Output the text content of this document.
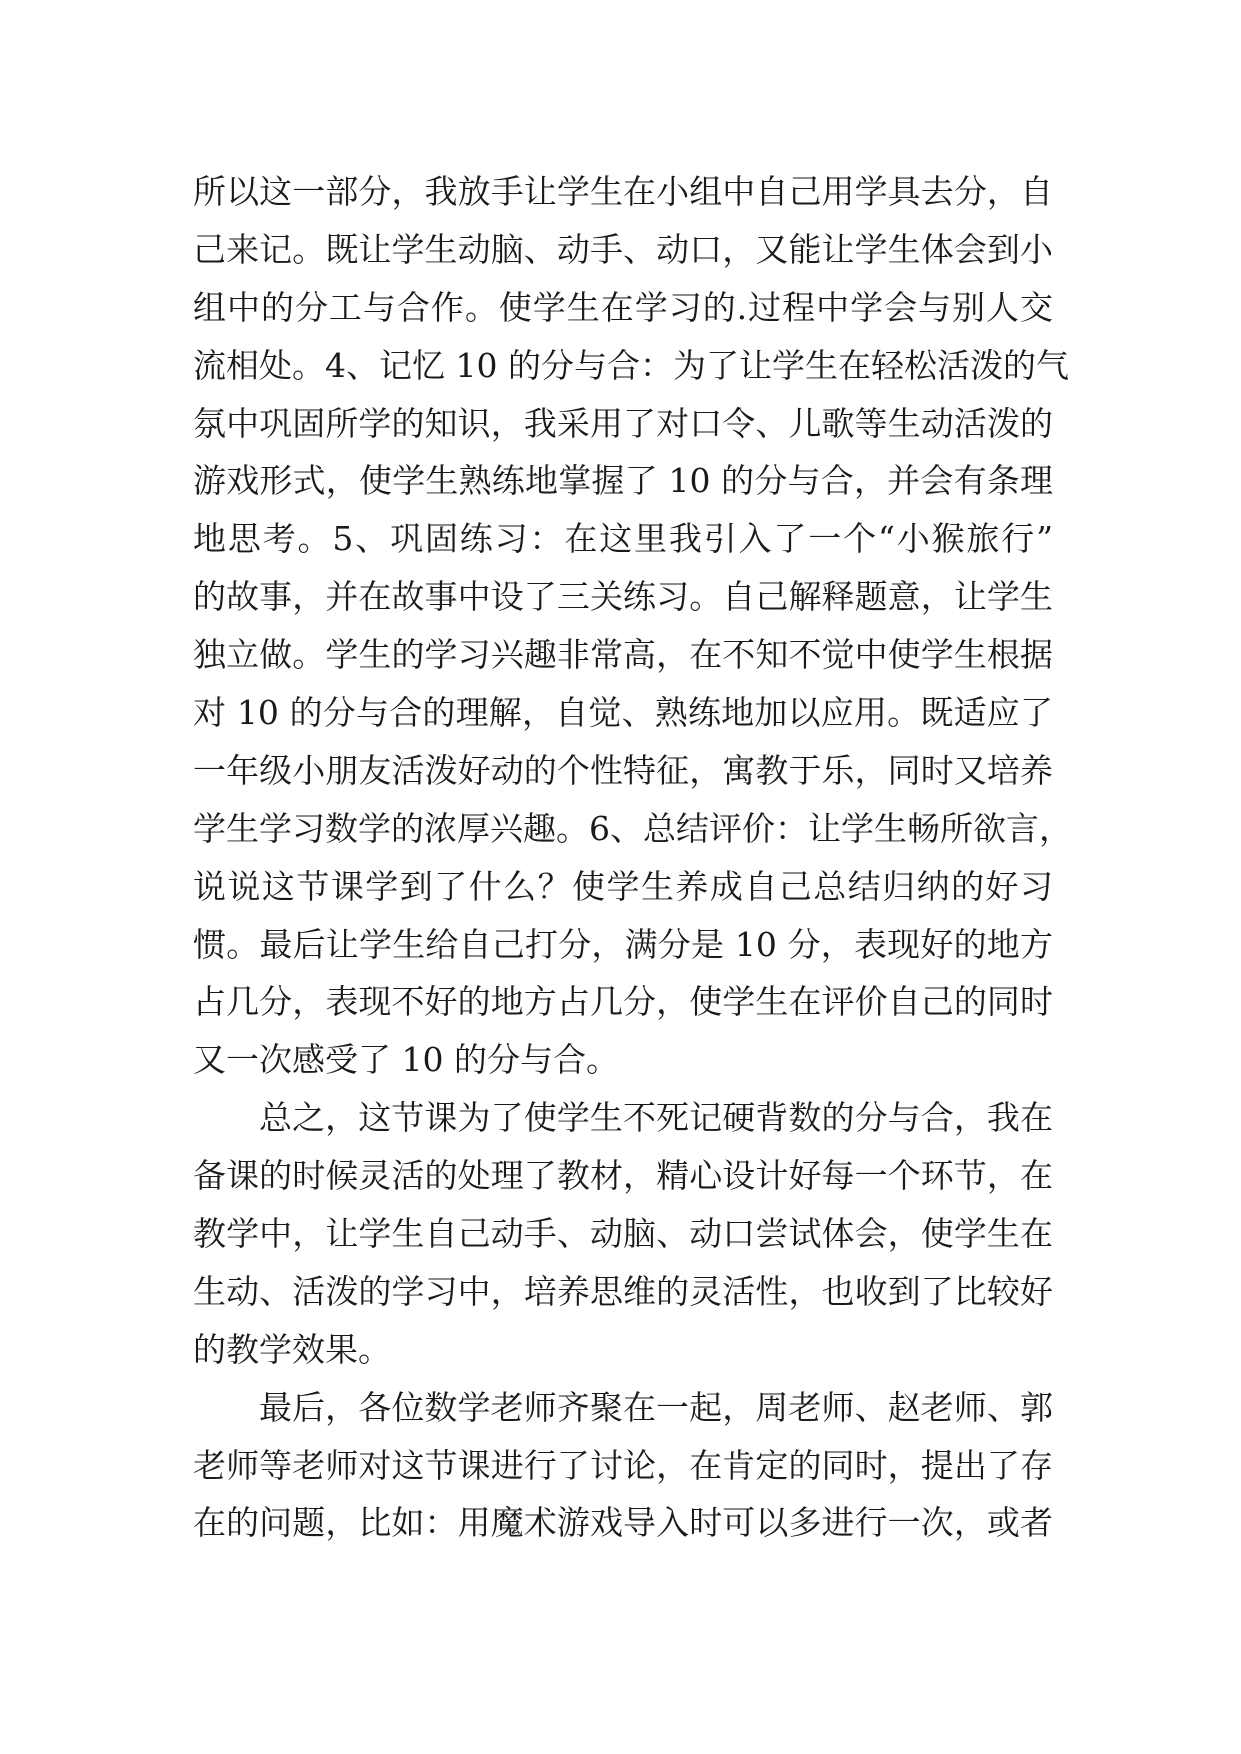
所以这一部分，我放手让学生在小组中自己用学具去分，自
己来记。既让学生动脑、动手、动口，又能让学生体会到小
组中的分工与合作。使学生在学习的.过程中学会与别人交
流相处。4、记忆 10 的分与合：为了让学生在轻松活泼的气
氛中巩固所学的知识，我采用了对口令、儿歌等生动活泼的
游戏形式，使学生熟练地掌握了 10 的分与合，并会有条理
地思考。5、巩固练习：在这里我引入了一个“小猴旅行”
的故事，并在故事中设了三关练习。自己解释题意，让学生
独立做。学生的学习兴趣非常高，在不知不觉中使学生根据
对 10 的分与合的理解，自觉、熟练地加以应用。既适应了
一年级小朋友活泼好动的个性特征，寓教于乐，同时又培养
学生学习数学的浓厚兴趣。6、总结评价：让学生畅所欲言，
说说这节课学到了什么？使学生养成自己总结归纳的好习
惯。最后让学生给自己打分，满分是 10 分，表现好的地方
占几分，表现不好的地方占几分，使学生在评价自己的同时
又一次感受了 10 的分与合。
总之，这节课为了使学生不死记硬背数的分与合，我在
备课的时候灵活的处理了教材，精心设计好每一个环节，在
教学中，让学生自己动手、动脑、动口尝试体会，使学生在
生动、活泼的学习中，培养思维的灵活性，也收到了比较好
的教学效果。
最后，各位数学老师齐聚在一起，周老师、赵老师、郭
老师等老师对这节课进行了讨论，在肯定的同时，提出了存
在的问题，比如：用魔术游戏导入时可以多进行一次，或者
